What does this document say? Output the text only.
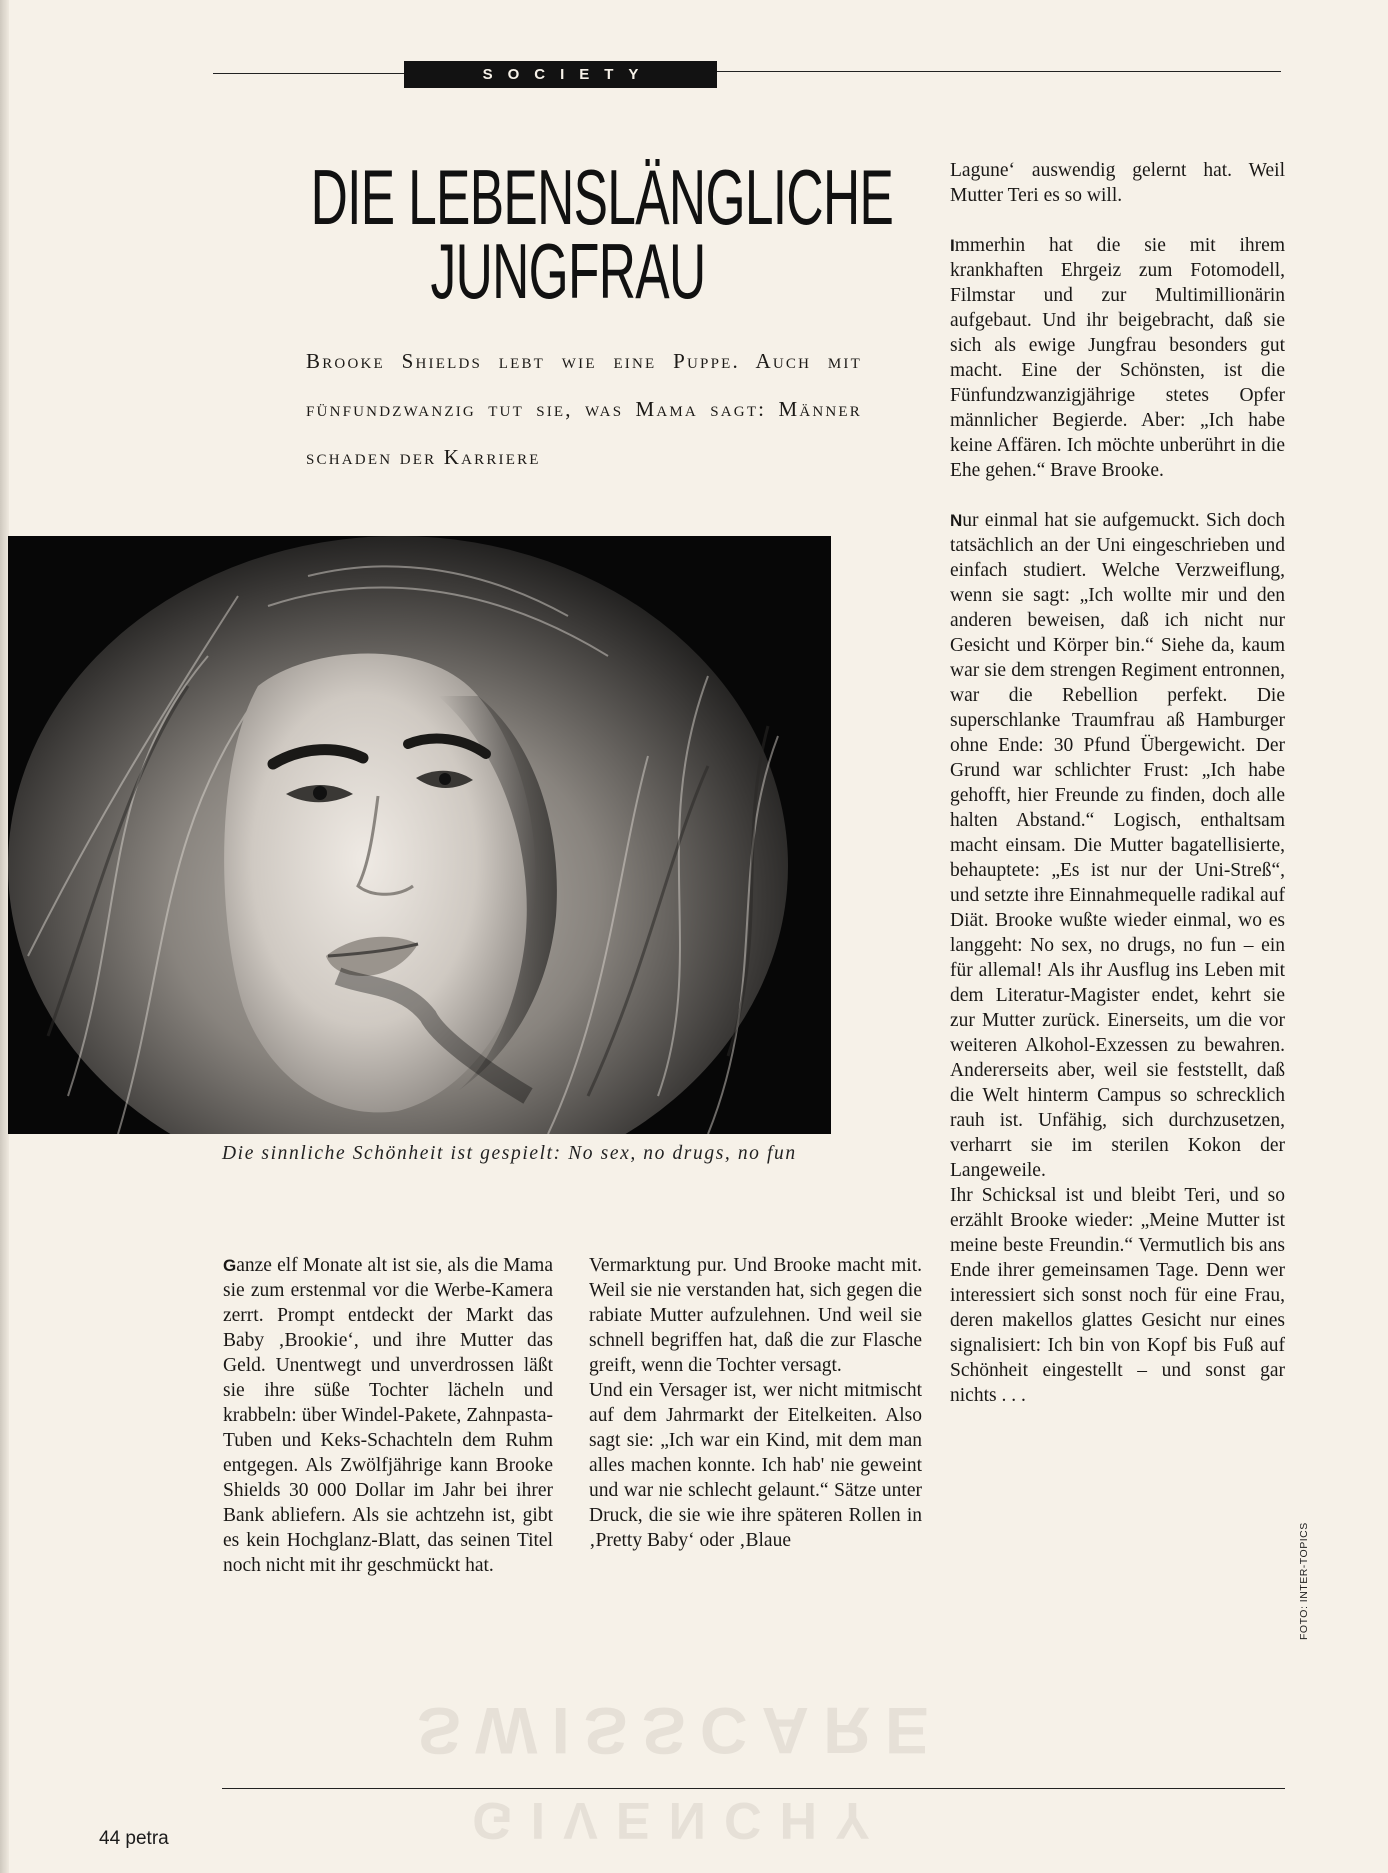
SOCIETY
DIE LEBENSLÄNGLICHE
JUNGFRAU
Brooke Shields lebt wie eine Puppe. Auch mit fünfundzwanzig tut sie, was Mama sagt: Männer schaden der Karriere
Die sinnliche Schönheit ist gespielt: No sex, no drugs, no fun

Ganze elf Monate alt ist sie, als die Mama sie zum erstenmal vor die Werbe-Kamera zerrt. Prompt entdeckt der Markt das Baby ‚Brookie‘, und ihre Mutter das Geld. Unentwegt und unverdrossen läßt sie ihre süße Tochter lächeln und krabbeln: über Windel-Pakete, Zahnpasta-Tuben und Keks-Schachteln dem Ruhm entgegen. Als Zwölfjährige kann Brooke Shields 30 000 Dollar im Jahr bei ihrer Bank abliefern. Als sie achtzehn ist, gibt es kein Hochglanz-Blatt, das seinen Titel noch nicht mit ihr geschmückt hat.

Vermarktung pur. Und Brooke macht mit. Weil sie nie verstanden hat, sich gegen die rabiate Mutter aufzulehnen. Und weil sie schnell begriffen hat, daß die zur Flasche greift, wenn die Tochter versagt.

Und ein Versager ist, wer nicht mitmischt auf dem Jahrmarkt der Eitelkeiten. Also sagt sie: „Ich war ein Kind, mit dem man alles machen konnte. Ich hab' nie geweint und war nie schlecht gelaunt.“ Sätze unter Druck, die sie wie ihre späteren Rollen in ‚Pretty Baby‘ oder ‚Blaue

Lagune‘ auswendig gelernt hat. Weil Mutter Teri es so will.

Immerhin hat die sie mit ihrem krankhaften Ehrgeiz zum Fotomodell, Filmstar und zur Multimillionärin aufgebaut. Und ihr beigebracht, daß sie sich als ewige Jungfrau besonders gut macht. Eine der Schönsten, ist die Fünfundzwanzigjährige stetes Opfer männlicher Begierde. Aber: „Ich habe keine Affären. Ich möchte unberührt in die Ehe gehen.“ Brave Brooke.

Nur einmal hat sie aufgemuckt. Sich doch tatsächlich an der Uni eingeschrieben und einfach studiert. Welche Verzweiflung, wenn sie sagt: „Ich wollte mir und den anderen beweisen, daß ich nicht nur Gesicht und Körper bin.“ Siehe da, kaum war sie dem strengen Regiment entronnen, war die Rebellion perfekt. Die superschlanke Traumfrau aß Hamburger ohne Ende: 30 Pfund Übergewicht. Der Grund war schlichter Frust: „Ich habe gehofft, hier Freunde zu finden, doch alle halten Abstand.“ Logisch, enthaltsam macht einsam. Die Mutter bagatellisierte, behauptete: „Es ist nur der Uni-Streß“, und setzte ihre Einnahmequelle radikal auf Diät. Brooke wußte wieder einmal, wo es langgeht: No sex, no drugs, no fun – ein für allemal! Als ihr Ausflug ins Leben mit dem Literatur-Magister endet, kehrt sie zur Mutter zurück. Einerseits, um die vor weiteren Alkohol-Exzessen zu bewahren. Andererseits aber, weil sie feststellt, daß die Welt hinterm Campus so schrecklich rauh ist. Unfähig, sich durchzusetzen, verharrt sie im sterilen Kokon der Langeweile.

Ihr Schicksal ist und bleibt Teri, und so erzählt Brooke wieder: „Meine Mutter ist meine beste Freundin.“ Vermutlich bis ans Ende ihrer gemeinsamen Tage. Denn wer interessiert sich sonst noch für eine Frau, deren makellos glattes Gesicht nur eines signalisiert: Ich bin von Kopf bis Fuß auf Schönheit eingestellt – und sonst gar nichts . . .

FOTO: INTER-TOPICS
SWISSCARE
GIVENCHY
44 petra
